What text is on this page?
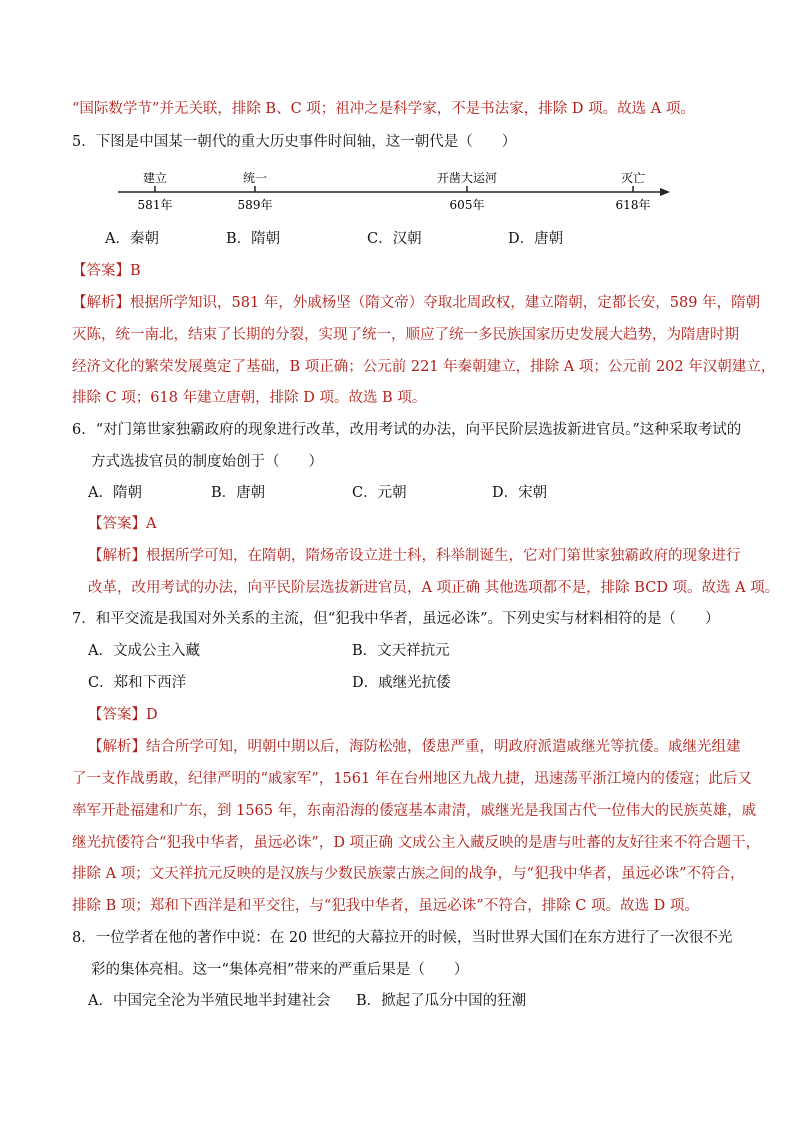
“国际数学节”并无关联，排除 B、C 项；祖冲之是科学家，不是书法家，排除 D 项。故选 A 项。
5．下图是中国某一朝代的重大历史事件时间轴，这一朝代是（　　）
建立
581年
统一
589年
开凿大运河
605年
灭亡
618年
A．秦朝	B．隋朝	C．汉朝	D．唐朝
【答案】B
【解析】根据所学知识，581 年，外戚杨坚（隋文帝）夺取北周政权，建立隋朝，定都长安，589 年，隋朝
灭陈，统一南北，结束了长期的分裂，实现了统一，顺应了统一多民族国家历史发展大趋势，为隋唐时期
经济文化的繁荣发展奠定了基础，B 项正确；公元前 221 年秦朝建立，排除 A 项；公元前 202 年汉朝建立，
排除 C 项；618 年建立唐朝，排除 D 项。故选 B 项。
6．“对门第世家独霸政府的现象进行改革，改用考试的办法，向平民阶层选拔新进官员。”这种采取考试的
方式选拔官员的制度始创于（　　）
A．隋朝	B．唐朝	C．元朝	D．宋朝
【答案】A
【解析】根据所学可知，在隋朝，隋炀帝设立进士科，科举制诞生，它对门第世家独霸政府的现象进行
改革，改用考试的办法，向平民阶层选拔新进官员，A 项正确 其他选项都不是，排除 BCD 项。故选 A 项。
7．和平交流是我国对外关系的主流，但“犯我中华者，虽远必诛”。下列史实与材料相符的是（　　）
A．文成公主入藏	B．文天祥抗元
C．郑和下西洋	D．戚继光抗倭
【答案】D
【解析】结合所学可知，明朝中期以后，海防松弛，倭患严重，明政府派遣戚继光等抗倭。戚继光组建
了一支作战勇敢，纪律严明的“戚家军”，1561 年在台州地区九战九捷，迅速荡平浙江境内的倭寇；此后又
率军开赴福建和广东，到 1565 年，东南沿海的倭寇基本肃清，戚继光是我国古代一位伟大的民族英雄，戚
继光抗倭符合“犯我中华者，虽远必诛”，D 项正确 文成公主入藏反映的是唐与吐蕃的友好往来不符合题干，
排除 A 项；文天祥抗元反映的是汉族与少数民族蒙古族之间的战争，与“犯我中华者，虽远必诛”不符合，
排除 B 项；郑和下西洋是和平交往，与“犯我中华者，虽远必诛”不符合，排除 C 项。故选 D 项。
8．一位学者在他的著作中说：在 20 世纪的大幕拉开的时候，当时世界大国们在东方进行了一次很不光
彩的集体亮相。这一“集体亮相”带来的严重后果是（　　）
A．中国完全沦为半殖民地半封建社会 B．掀起了瓜分中国的狂潮
